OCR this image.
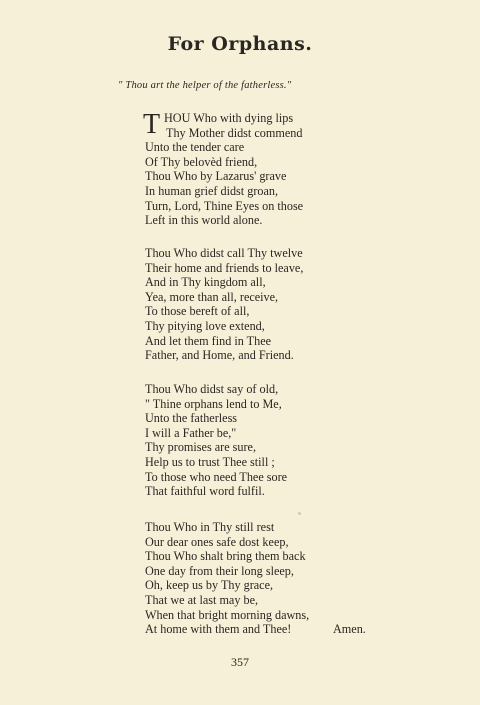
For Orphans.
" Thou art the helper of the fatherless."
T HOU Who with dying lips
Thy Mother didst commend
Unto the tender care
Of Thy belovèd friend,
Thou Who by Lazarus' grave
In human grief didst groan,
Turn, Lord, Thine Eyes on those
Left in this world alone.
Thou Who didst call Thy twelve
Their home and friends to leave,
And in Thy kingdom all,
Yea, more than all, receive,
To those bereft of all,
Thy pitying love extend,
And let them find in Thee
Father, and Home, and Friend.
Thou Who didst say of old,
" Thine orphans lend to Me,
Unto the fatherless
I will a Father be,"
Thy promises are sure,
Help us to trust Thee still ;
To those who need Thee sore
That faithful word fulfil.
Thou Who in Thy still rest
Our dear ones safe dost keep,
Thou Who shalt bring them back
One day from their long sleep,
Oh, keep us by Thy grace,
That we at last may be,
When that bright morning dawns,
At home with them and Thee!	Amen.
357
